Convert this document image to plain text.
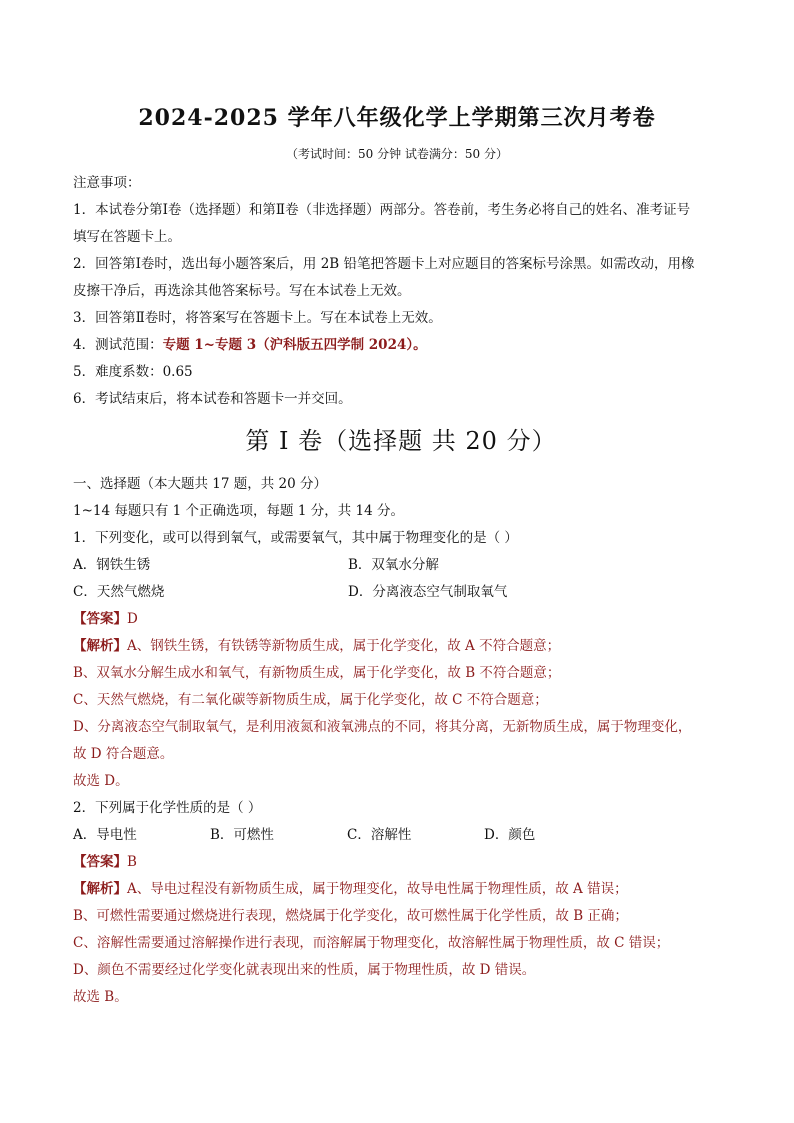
2024-2025 学年八年级化学上学期第三次月考卷
（考试时间：50 分钟 试卷满分：50 分）
注意事项：
1．本试卷分第Ⅰ卷（选择题）和第Ⅱ卷（非选择题）两部分。答卷前，考生务必将自己的姓名、准考证号
填写在答题卡上。
2．回答第Ⅰ卷时，选出每小题答案后，用 2B 铅笔把答题卡上对应题目的答案标号涂黑。如需改动，用橡
皮擦干净后，再选涂其他答案标号。写在本试卷上无效。
3．回答第Ⅱ卷时，将答案写在答题卡上。写在本试卷上无效。
4．测试范围：专题 1~专题 3（沪科版五四学制 2024）。
5．难度系数：0.65
6．考试结束后，将本试卷和答题卡一并交回。
第 I 卷（选择题 共 20 分）
一、选择题（本大题共 17 题，共 20 分）
1~14 每题只有 1 个正确选项，每题 1 分，共 14 分。
1．下列变化，或可以得到氧气，或需要氧气，其中属于物理变化的是（ ）
A．钢铁生锈	B．双氧水分解
C．天然气燃烧	D．分离液态空气制取氧气
【答案】D
【解析】A、钢铁生锈，有铁锈等新物质生成，属于化学变化，故 A 不符合题意；
B、双氧水分解生成水和氧气，有新物质生成，属于化学变化，故 B 不符合题意；
C、天然气燃烧，有二氧化碳等新物质生成，属于化学变化，故 C 不符合题意；
D、分离液态空气制取氧气，是利用液氮和液氧沸点的不同，将其分离，无新物质生成，属于物理变化，
故 D 符合题意。
故选 D。
2．下列属于化学性质的是（ ）
A．导电性	B．可燃性	C．溶解性	D．颜色
【答案】B
【解析】A、导电过程没有新物质生成，属于物理变化，故导电性属于物理性质，故 A 错误；
B、可燃性需要通过燃烧进行表现，燃烧属于化学变化，故可燃性属于化学性质，故 B 正确；
C、溶解性需要通过溶解操作进行表现，而溶解属于物理变化，故溶解性属于物理性质，故 C 错误；
D、颜色不需要经过化学变化就表现出来的性质，属于物理性质，故 D 错误。
故选 B。
